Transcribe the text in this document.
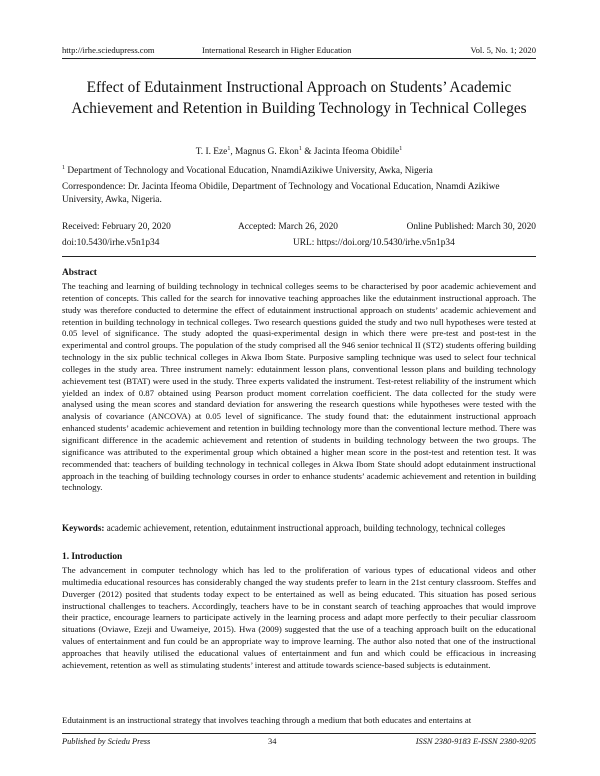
http://irhe.sciedupress.com	International Research in Higher Education	Vol. 5, No. 1; 2020
Effect of Edutainment Instructional Approach on Students’ Academic Achievement and Retention in Building Technology in Technical Colleges
T. I. Eze$^1$, Magnus G. Ekon$^1$ & Jacinta Ifeoma Obidile$^1$
$^1$ Department of Technology and Vocational Education, NnamdiAzikiwe University, Awka, Nigeria
Correspondence: Dr. Jacinta Ifeoma Obidile, Department of Technology and Vocational Education, Nnamdi Azikiwe University, Awka, Nigeria.
Received: February 20, 2020	Accepted: March 26, 2020	Online Published: March 30, 2020
doi:10.5430/irhe.v5n1p34	URL: https://doi.org/10.5430/irhe.v5n1p34
Abstract

The teaching and learning of building technology in technical colleges seems to be characterised by poor academic achievement and retention of concepts. This called for the search for innovative teaching approaches like the edutainment instructional approach. The study was therefore conducted to determine the effect of edutainment instructional approach on students’ academic achievement and retention in building technology in technical colleges. Two research questions guided the study and two null hypotheses were tested at 0.05 level of significance. The study adopted the quasi-experimental design in which there were pre-test and post-test in the experimental and control groups. The population of the study comprised all the 946 senior technical II (ST2) students offering building technology in the six public technical colleges in Akwa Ibom State. Purposive sampling technique was used to select four technical colleges in the study area. Three instrument namely: edutainment lesson plans, conventional lesson plans and building technology achievement test (BTAT) were used in the study. Three experts validated the instrument. Test-retest reliability of the instrument which yielded an index of 0.87 obtained using Pearson product moment correlation coefficient. The data collected for the study were analysed using the mean scores and standard deviation for answering the research questions while hypotheses were tested with the analysis of covariance (ANCOVA) at 0.05 level of significance. The study found that: the edutainment instructional approach enhanced students’ academic achievement and retention in building technology more than the conventional lecture method. There was significant difference in the academic achievement and retention of students in building technology between the two groups. The significance was attributed to the experimental group which obtained a higher mean score in the post-test and retention test. It was recommended that: teachers of building technology in technical colleges in Akwa Ibom State should adopt edutainment instructional approach in the teaching of building technology courses in order to enhance students’ academic achievement and retention in building technology.

Keywords: academic achievement, retention, edutainment instructional approach, building technology, technical colleges

1. Introduction

The advancement in computer technology which has led to the proliferation of various types of educational videos and other multimedia educational resources has considerably changed the way students prefer to learn in the 21st century classroom. Steffes and Duverger (2012) posited that students today expect to be entertained as well as being educated. This situation has posed serious instructional challenges to teachers. Accordingly, teachers have to be in constant search of teaching approaches that would improve their practice, encourage learners to participate actively in the learning process and adapt more perfectly to their peculiar classroom situations (Oviawe, Ezeji and Uwameiye, 2015). Hwa (2009) suggested that the use of a teaching approach built on the educational values of entertainment and fun could be an appropriate way to improve learning. The author also noted that one of the instructional approaches that heavily utilised the educational values of entertainment and fun and which could be efficacious in increasing achievement, retention as well as stimulating students’ interest and attitude towards science-based subjects is edutainment.

Edutainment is an instructional strategy that involves teaching through a medium that both educates and entertains at

Published by Sciedu Press	34	ISSN 2380-9183 E-ISSN 2380-9205
